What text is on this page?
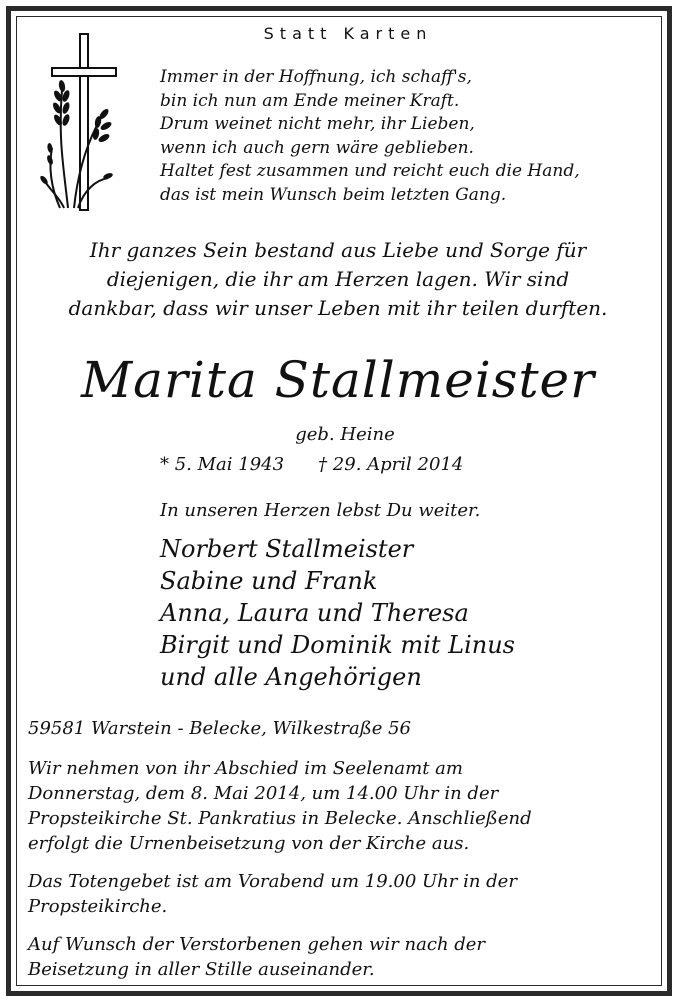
Statt Karten
Immer in der Hoffnung, ich schaff's,
bin ich nun am Ende meiner Kraft.
Drum weinet nicht mehr, ihr Lieben,
wenn ich auch gern wäre geblieben.
Haltet fest zusammen und reicht euch die Hand,
das ist mein Wunsch beim letzten Gang.
Ihr ganzes Sein bestand aus Liebe und Sorge für
diejenigen, die ihr am Herzen lagen. Wir sind
dankbar, dass wir unser Leben mit ihr teilen durften.
Marita Stallmeister
geb. Heine
* 5. Mai 1943 † 29. April 2014
In unseren Herzen lebst Du weiter.
Norbert Stallmeister
Sabine und Frank
Anna, Laura und Theresa
Birgit und Dominik mit Linus
und alle Angehörigen
59581 Warstein - Belecke, Wilkestraße 56
Wir nehmen von ihr Abschied im Seelenamt am
Donnerstag, dem 8. Mai 2014, um 14.00 Uhr in der
Propsteikirche St. Pankratius in Belecke. Anschließend
erfolgt die Urnenbeisetzung von der Kirche aus.
Das Totengebet ist am Vorabend um 19.00 Uhr in der
Propsteikirche.
Auf Wunsch der Verstorbenen gehen wir nach der
Beisetzung in aller Stille auseinander.
